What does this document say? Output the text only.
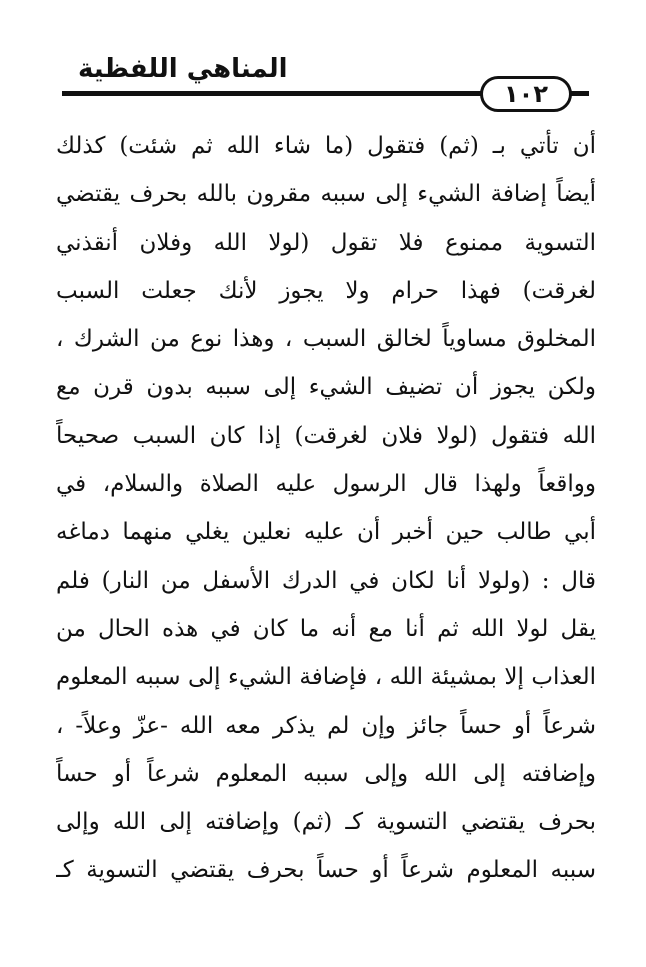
المناهي اللفظية
١٠٢
أن تأتي بـ (ثم) فتقول (ما شاء الله ثم شئت) كذلك
أيضاً إضافة الشيء إلى سببه مقرون بالله بحرف يقتضي
التسوية ممنوع فلا تقول (لولا الله وفلان أنقذني
لغرقت) فهذا حرام ولا يجوز لأنك جعلت السبب
المخلوق مساوياً لخالق السبب ، وهذا نوع من الشرك ،
ولكن يجوز أن تضيف الشيء إلى سببه بدون قرن مع
الله فتقول (لولا فلان لغرقت) إذا كان السبب صحيحاً
وواقعاً ولهذا قال الرسول عليه الصلاة والسلام، في
أبي طالب حين أخبر أن عليه نعلين يغلي منهما دماغه
قال : (ولولا أنا لكان في الدرك الأسفل من النار) فلم
يقل لولا الله ثم أنا مع أنه ما كان في هذه الحال من
العذاب إلا بمشيئة الله ، فإضافة الشيء إلى سببه المعلوم
شرعاً أو حساً جائز وإن لم يذكر معه الله -عزّ وعلاً- ،
وإضافته إلى الله وإلى سببه المعلوم شرعاً أو حساً
بحرف يقتضي التسوية كـ (ثم) وإضافته إلى الله وإلى
سببه المعلوم شرعاً أو حساً بحرف يقتضي التسوية كـ
